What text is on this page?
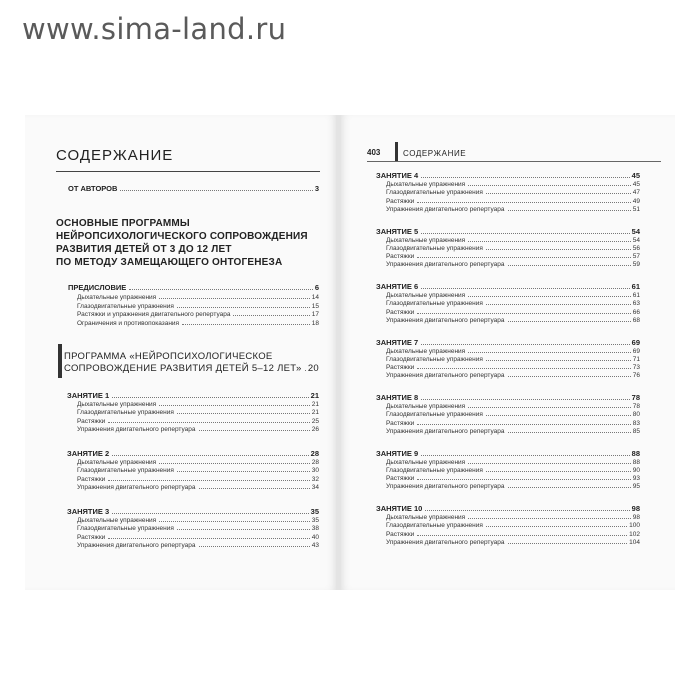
www.sima-land.ru
СОДЕРЖАНИЕ
ОТ АВТОРОВ	3
ОСНОВНЫЕ ПРОГРАММЫ
НЕЙРОПСИХОЛОГИЧЕСКОГО СОПРОВОЖДЕНИЯ
РАЗВИТИЯ ДЕТЕЙ ОТ 3 ДО 12 ЛЕТ
ПО МЕТОДУ ЗАМЕЩАЮЩЕГО ОНТОГЕНЕЗА
ПРЕДИСЛОВИЕ	6
Дыхательные упражнения	14
Глазодвигательные упражнения	15
Растяжки и упражнения двигательного репертуара	17
Ограничения и противопоказания	18
ПРОГРАММА «НЕЙРОПСИХОЛОГИЧЕСКОЕ
СОПРОВОЖДЕНИЕ РАЗВИТИЯ ДЕТЕЙ 5–12 ЛЕТ» 20
ЗАНЯТИЕ 1	21
Дыхательные упражнения	21
Глазодвигательные упражнения	21
Растяжки	25
Упражнения двигательного репертуара	26
ЗАНЯТИЕ 2	28
Дыхательные упражнения	28
Глазодвигательные упражнения	30
Растяжки	32
Упражнения двигательного репертуара	34
ЗАНЯТИЕ 3	35
Дыхательные упражнения	35
Глазодвигательные упражнения	38
Растяжки	40
Упражнения двигательного репертуара	43
403	СОДЕРЖАНИЕ
ЗАНЯТИЕ 4	45
Дыхательные упражнения	45
Глазодвигательные упражнения	47
Растяжки	49
Упражнения двигательного репертуара	51
ЗАНЯТИЕ 5	54
Дыхательные упражнения	54
Глазодвигательные упражнения	56
Растяжки	57
Упражнения двигательного репертуара	59
ЗАНЯТИЕ 6	61
Дыхательные упражнения	61
Глазодвигательные упражнения	63
Растяжки	66
Упражнения двигательного репертуара	68
ЗАНЯТИЕ 7	69
Дыхательные упражнения	69
Глазодвигательные упражнения	71
Растяжки	73
Упражнения двигательного репертуара	76
ЗАНЯТИЕ 8	78
Дыхательные упражнения	78
Глазодвигательные упражнения	80
Растяжки	83
Упражнения двигательного репертуара	85
ЗАНЯТИЕ 9	88
Дыхательные упражнения	88
Глазодвигательные упражнения	90
Растяжки	93
Упражнения двигательного репертуара	95
ЗАНЯТИЕ 10	98
Дыхательные упражнения	98
Глазодвигательные упражнения	100
Растяжки	102
Упражнения двигательного репертуара	104
